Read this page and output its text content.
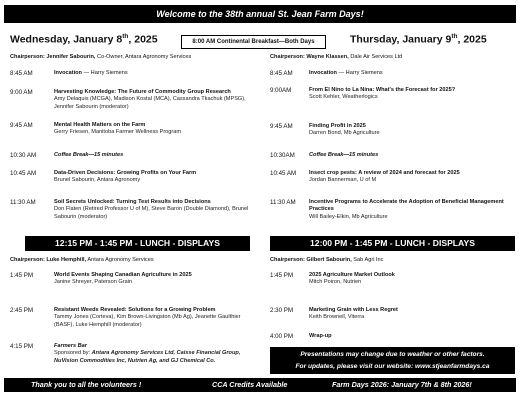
Welcome to the 38th annual St. Jean Farm Days!
Wednesday, January 8th, 2025	8:00 AM Continental Breakfast—Both Days	Thursday, January 9th, 2025
Chairperson: Jennifer Sabourin, Co-Owner, Antara Agronomy Services
8:45 AM	Invocation — Harry Siemens
9:00 AM	Harvesting Knowledge: The Future of Commodity Group Research
Amy Delaquis (MCGA), Madison Kostal (MCA), Cassandra Tkachuk (MPSG), Jennifer Sabourin (moderator)
9:45 AM	Mental Health Matters on the Farm
Gerry Friesen, Manitoba Farmer Wellness Program
10:30 AM	Coffee Break—15 minutes
10:45 AM	Data-Driven Decisions: Growing Profits on Your Farm
Brunel Sabourin, Antara Agronomy
11:30 AM	Soil Secrets Unlocked: Turning Test Results into Decisions
Don Flaten (Retired Professor U of M), Steve Baron (Double Diamond), Brunel Sabourin (moderator)
12:15 PM - 1:45 PM - LUNCH - DISPLAYS
Chairperson: Luke Hemphill, Antara Agronomy Services
1:45 PM	World Events Shaping Canadian Agriculture in 2025
Janine Shreyer, Paterson Grain
2:45 PM	Resistant Weeds Revealed: Solutions for a Growing Problem
Tammy Jones (Corteva), Kim Brown-Livingston (Mb Ag), Jeanette Gaulthier (BASF), Luke Hemphill (moderator)
4:15 PM	Farmers Bar
Sponsored by: Antara Agronomy Services Ltd, Caisse Financial Group, NuVision Commodities Inc, Nutrien Ag, and GJ Chemical Co.
Chairperson: Wayne Klassen, Dale Air Services Ltd
8:45 AM	Invocation — Harry Siemens
9:00AM	From El Nino to La Nina: What's the Forecast for 2025?
Scott Kehler, Weatherlogics
9:45 AM	Finding Profit in 2025
Darren Bond, Mb Agriculture
10:30AM	Coffee Break—15 minutes
10:45 AM Insect crop pests: A review of 2024 and forecast for 2025
Jordan Bannerman, U of M
11:30 AM Incentive Programs to Accelerate the Adoption of Beneficial Management Practices
Will Bailey-Elkin, Mb Agriculture
12:00 PM - 1:45 PM - LUNCH - DISPLAYS
Chairperson: Gilbert Sabourin, Sab Agri Inc
1:45 PM	2025 Agriculture Market Outlook
Mitch Poiron, Nutrien
2:30 PM	Marketing Grain with Less Regret
Keith Brownell, Viterra
4:00 PM	Wrap-up
Presentations may change due to weather or other factors.
For updates, please visit our website: www.stjeanfarmdays.ca
Thank you to all the volunteers !	CCA Credits Available	Farm Days 2026: January 7th & 8th 2026!
